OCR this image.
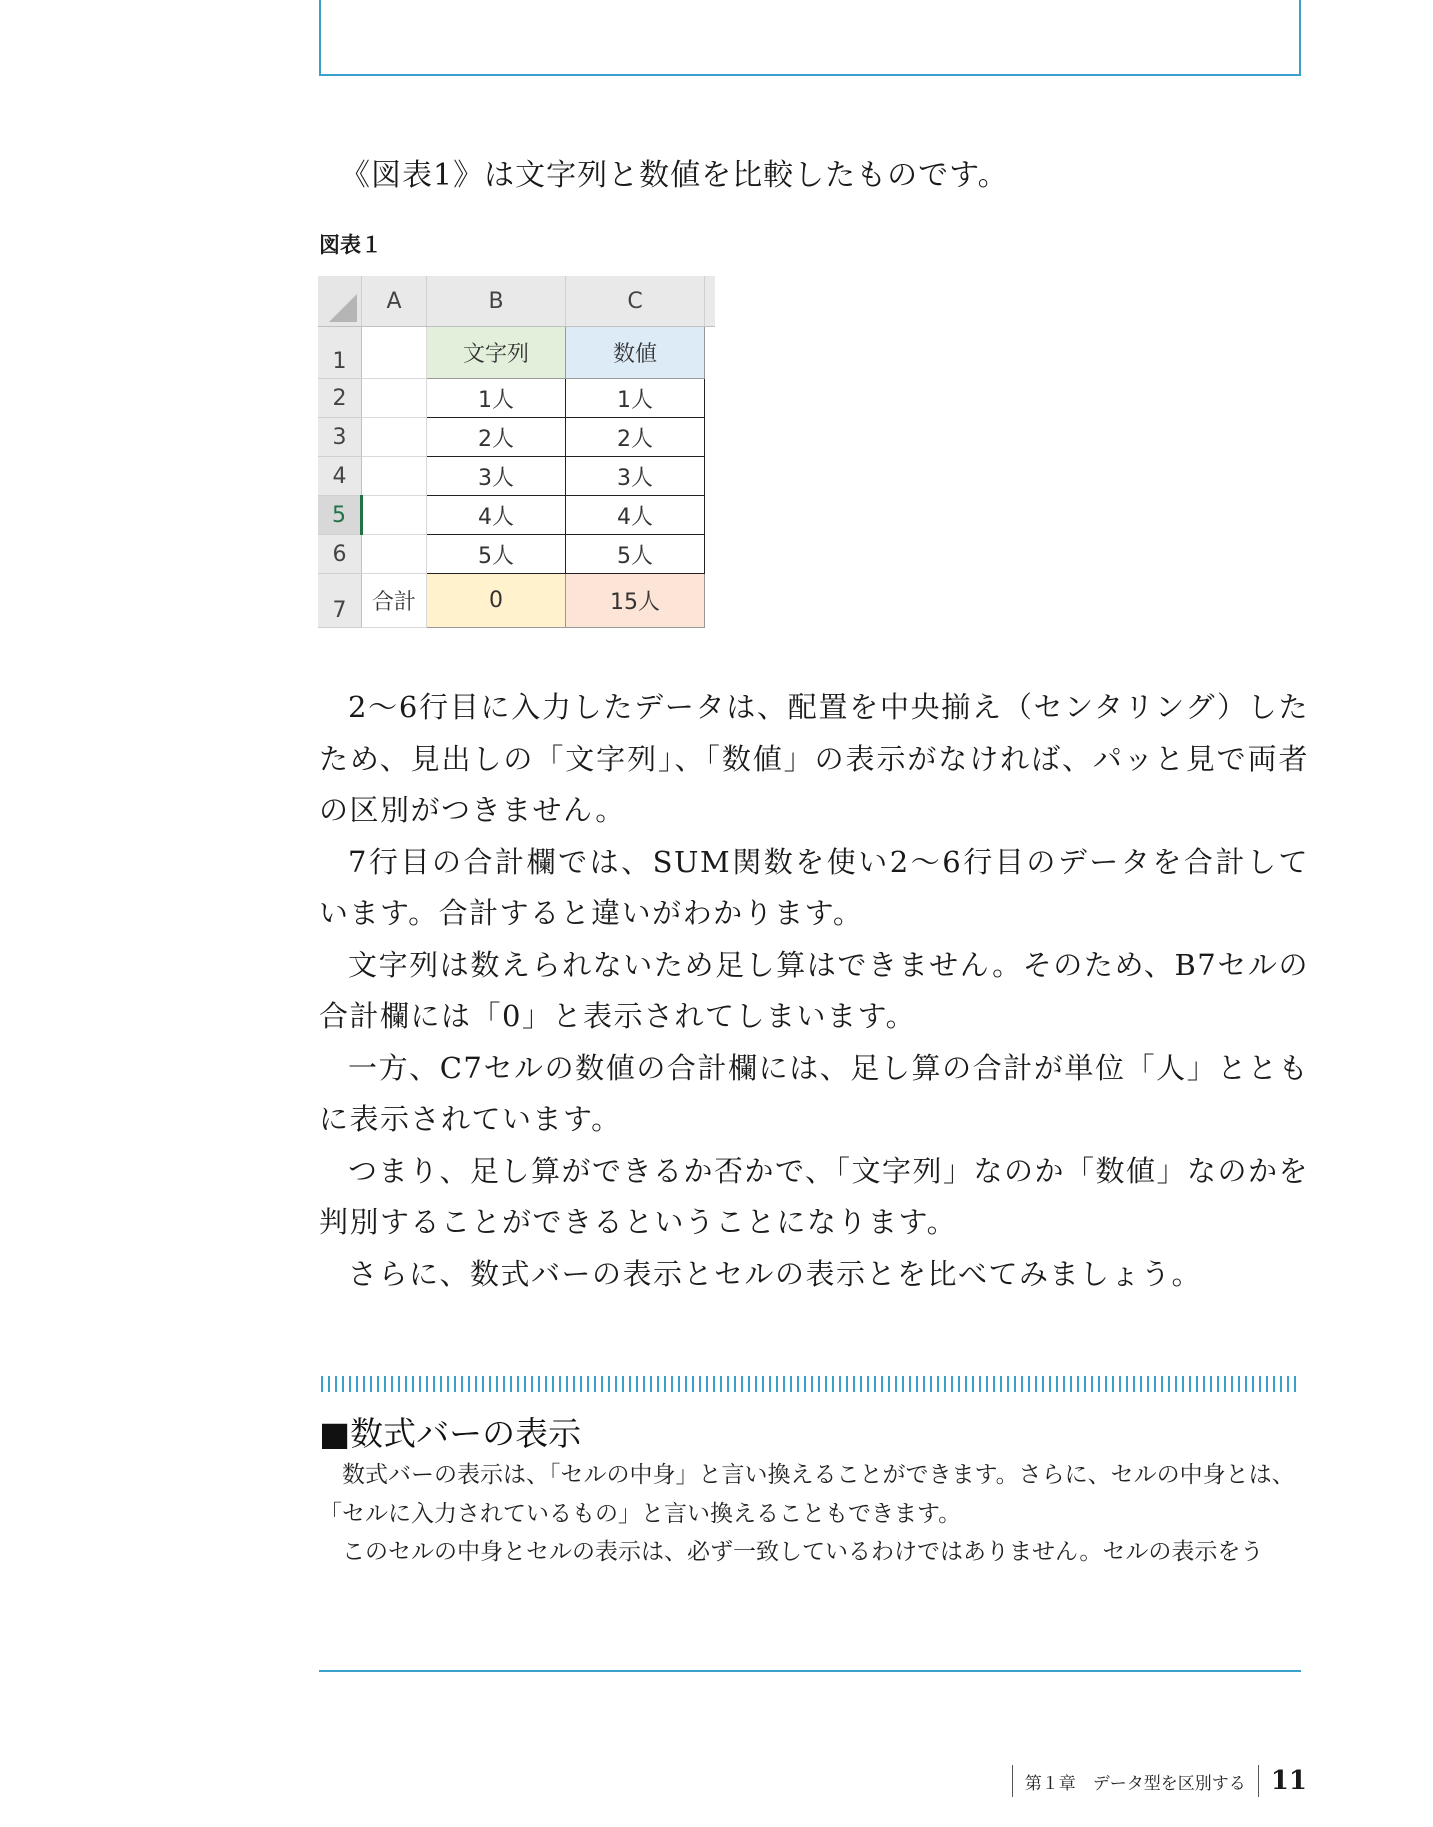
《図表1》は文字列と数値を比較したものです。
図表１
	A	B	C	
1		文字列	数値	
2		1人	1人	
3		2人	2人	
4		3人	3人	
5		4人	4人	
6		5人	5人	
7	合計	0	15人	

2〜6行目に入力したデータは、配置を中央揃え（センタリング）したため、見出しの「文字列」、「数値」の表示がなければ、パッと見で両者の区別がつきません。

7行目の合計欄では、SUM関数を使い2〜6行目のデータを合計しています。合計すると違いがわかります。

文字列は数えられないため足し算はできません。そのため、B7セルの合計欄には「0」と表示されてしまいます。

一方、C7セルの数値の合計欄には、足し算の合計が単位「人」とともに表示されています。

つまり、足し算ができるか否かで、「文字列」なのか「数値」なのかを判別することができるということになります。

さらに、数式バーの表示とセルの表示とを比べてみましょう。

■数式バーの表示

数式バーの表示は、「セルの中身」と言い換えることができます。さらに、セルの中身とは、

「セルに入力されているもの」と言い換えることもできます。

このセルの中身とセルの表示は、必ず一致しているわけではありません。セルの表示をう

第１章　データ型を区別する 11
